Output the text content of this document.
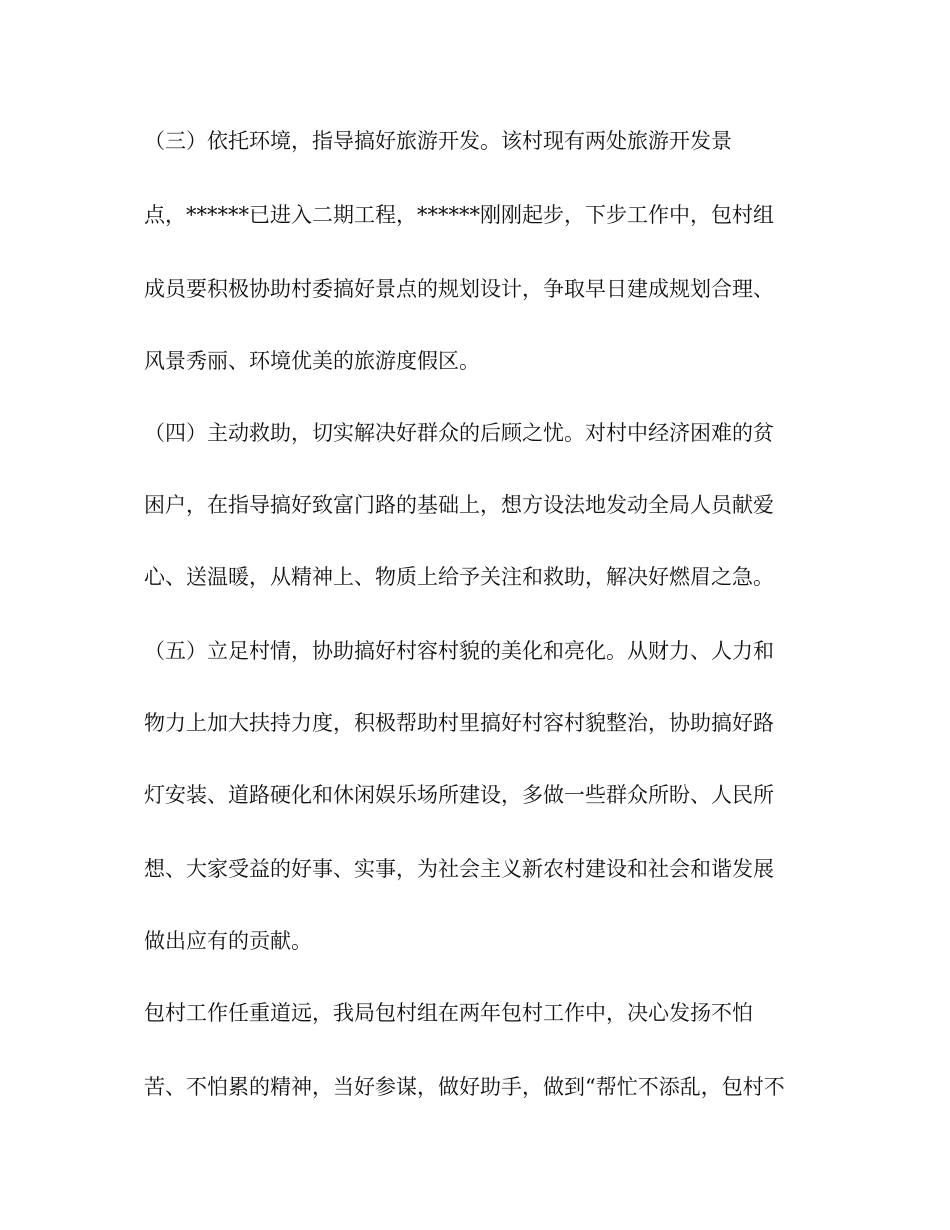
（三）依托环境，指导搞好旅游开发。该村现有两处旅游开发景
点，******已进入二期工程，******刚刚起步，下步工作中，包村组
成员要积极协助村委搞好景点的规划设计，争取早日建成规划合理、
风景秀丽、环境优美的旅游度假区。
（四）主动救助，切实解决好群众的后顾之忧。对村中经济困难的贫
困户，在指导搞好致富门路的基础上，想方设法地发动全局人员献爱
心、送温暖，从精神上、物质上给予关注和救助，解决好燃眉之急。
（五）立足村情，协助搞好村容村貌的美化和亮化。从财力、人力和
物力上加大扶持力度，积极帮助村里搞好村容村貌整治，协助搞好路
灯安装、道路硬化和休闲娱乐场所建设，多做一些群众所盼、人民所
想、大家受益的好事、实事，为社会主义新农村建设和社会和谐发展
做出应有的贡献。
包村工作任重道远，我局包村组在两年包村工作中，决心发扬不怕
苦、不怕累的精神，当好参谋，做好助手，做到“帮忙不添乱，包村不
